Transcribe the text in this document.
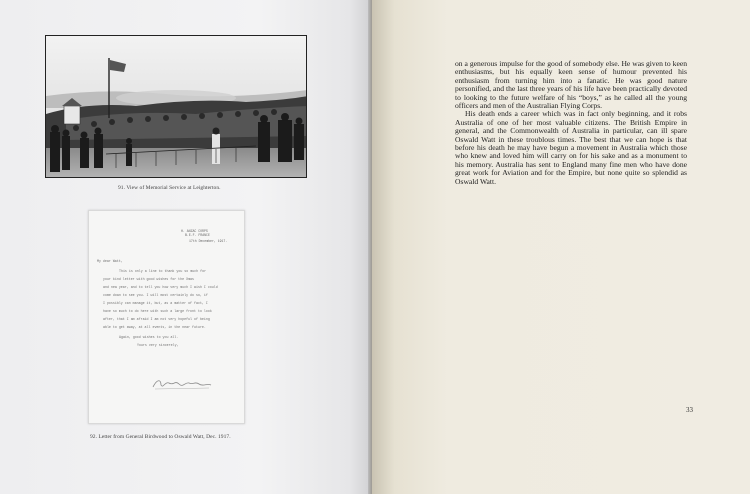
91. View of Memorial Service at Leighterton.
H. ANZAC CORPS
B.E.F. FRANCE
17th December, 1917.
My dear Watt,
This is only a line to thank you so much for
your kind letter with good wishes for the Xmas
and new year, and to tell you how very much I wish I could
come down to see you. I will most certainly do so, if
I possibly can manage it, but, as a matter of fact, I
have so much to do here with such a large front to look
after, that I am afraid I am not very hopeful of being
able to get away, at all events, in the near future.
Again, good wishes to you all.
Yours very sincerely,
92. Letter from General Birdwood to Oswald Watt, Dec. 1917.

on a generous impulse for the good of somebody else. He was given to keen enthusiasms, but his equally keen sense of humour prevented his enthusiasm from turning him into a fanatic. He was good nature personified, and the last three years of his life have been practically devoted to looking to the future welfare of his “boys,” as he called all the young officers and men of the Australian Flying Corps.

His death ends a career which was in fact only beginning, and it robs Australia of one of her most valuable citizens. The British Empire in general, and the Commonwealth of Australia in particular, can ill spare Oswald Watt in these troublous times. The best that we can hope is that before his death he may have begun a movement in Australia which those who knew and loved him will carry on for his sake and as a monument to his memory. Australia has sent to England many fine men who have done great work for Aviation and for the Empire, but none quite so splendid as Oswald Watt.

33
